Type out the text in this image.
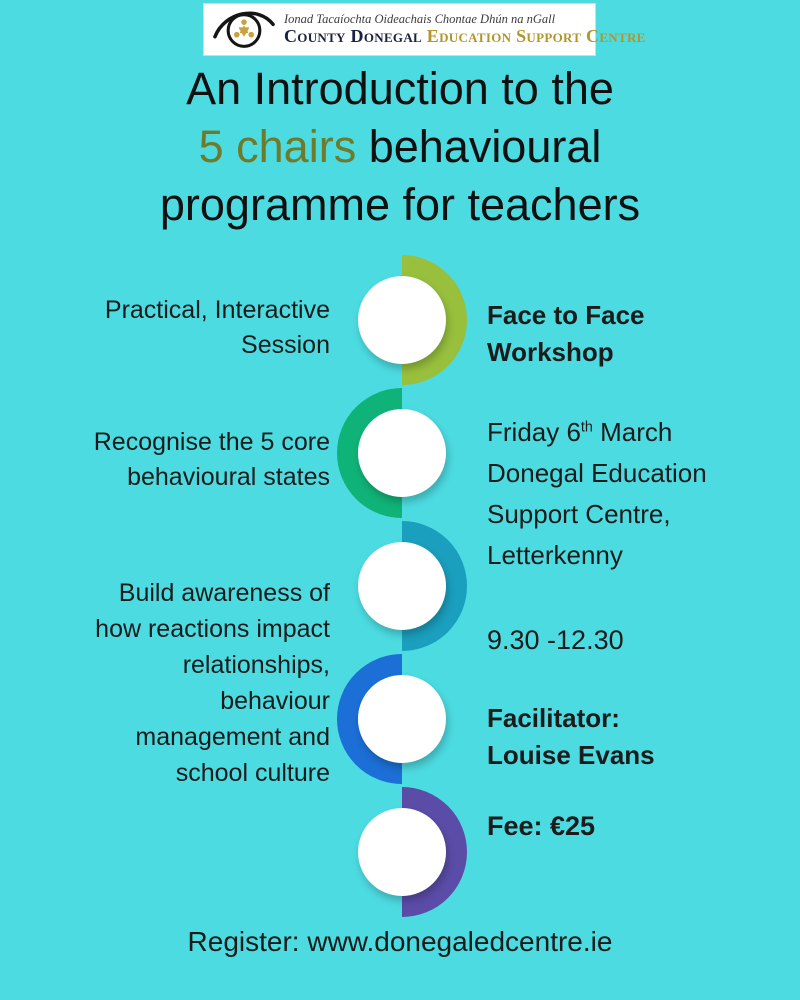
Ionad Tacaíochta Oideachais Chontae Dhún na nGall
County Donegal Education Support Centre
An Introduction to the
5 chairs behavioural
programme for teachers
Practical, Interactive
Session
Recognise the 5 core
behavioural states
Build awareness of
how reactions impact
relationships,
behaviour
management and
school culture
Face to Face
Workshop
Friday 6th March
Donegal Education
Support Centre,
Letterkenny
9.30 -12.30
Facilitator:
Louise Evans
Fee: €25
Register: www.donegaledcentre.ie
